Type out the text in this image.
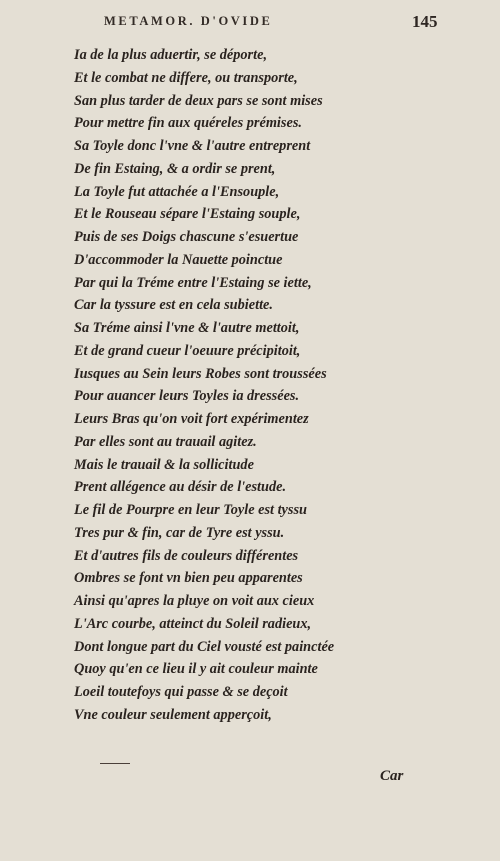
METAMOR. D'OVIDE	145
Ia de la plus aduertir, se déporte,
Et le combat ne differe, ou transporte,
San plus tarder de deux pars se sont mises
Pour mettre fin aux quéreles prémises.
Sa Toyle donc l'vne & l'autre entreprent
De fin Estaing, & a ordir se prent,
La Toyle fut attachée a l'Ensouple,
Et le Rouseau sépare l'Estaing souple,
Puis de ses Doigs chascune s'esuertue
D'accommoder la Nauette poinctue
Par qui la Tréme entre l'Estaing se iette,
Car la tyssure est en cela subiette.
Sa Tréme ainsi l'vne & l'autre mettoit,
Et de grand cueur l'oeuure précipitoit,
Iusques au Sein leurs Robes sont troussées
Pour auancer leurs Toyles ia dressées.
Leurs Bras qu'on voit fort expérimentez
Par elles sont au trauail agitez.
Mais le trauail & la sollicitude
Prent allégence au désir de l'estude.
Le fil de Pourpre en leur Toyle est tyssu
Tres pur & fin, car de Tyre est yssu.
Et d'autres fils de couleurs différentes
Ombres se font vn bien peu apparentes
Ainsi qu'apres la pluye on voit aux cieux
L'Arc courbe, atteinct du Soleil radieux,
Dont longue part du Ciel vousté est painctée
Quoy qu'en ce lieu il y ait couleur mainte
Loeil toutefoys qui passe & se deçoit
Vne couleur seulement apperçoit,
Car
